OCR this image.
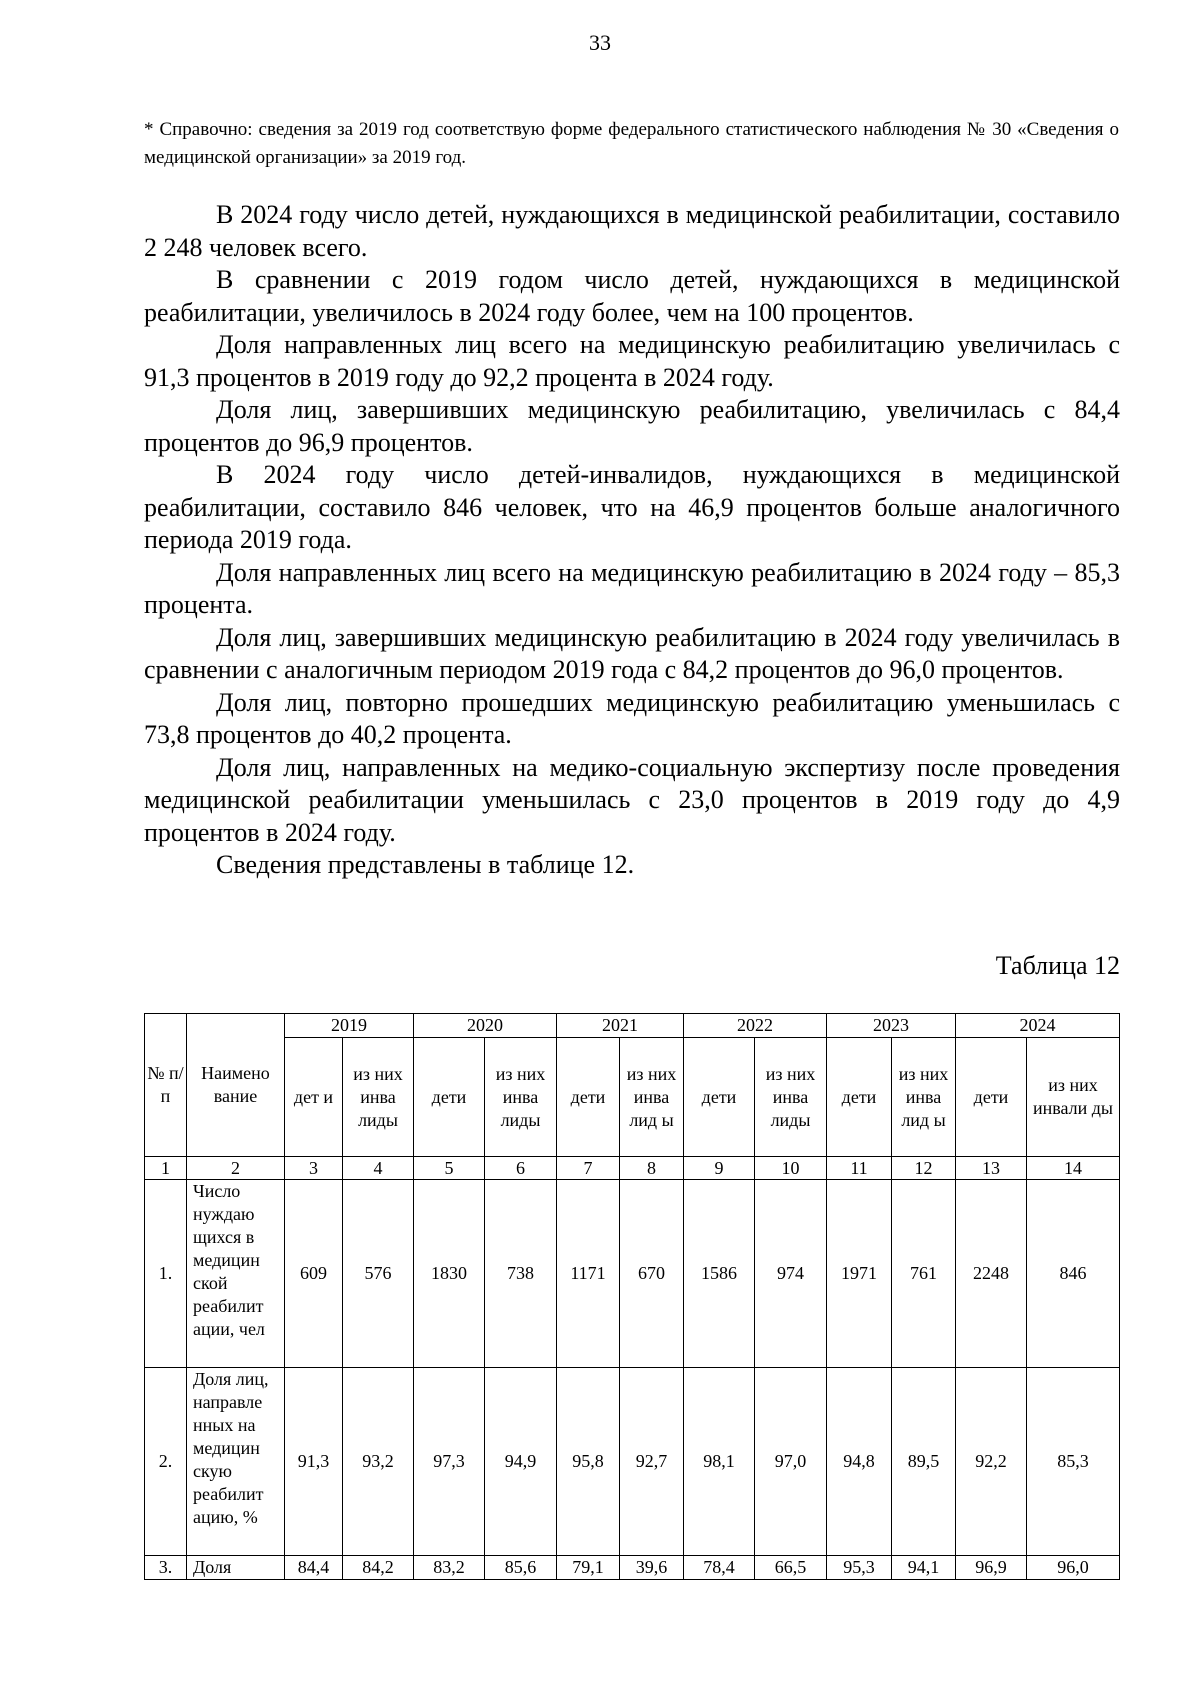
33
* Справочно: сведения за 2019 год соответствую форме федерального статистического наблюдения № 30 «Сведения о медицинской организации» за 2019 год.

В 2024 году число детей, нуждающихся в медицинской реабилитации, составило 2 248 человек всего.

В сравнении с 2019 годом число детей, нуждающихся в медицинской реабилитации, увеличилось в 2024 году более, чем на 100 процентов.

Доля направленных лиц всего на медицинскую реабилитацию увеличилась с 91,3 процентов в 2019 году до 92,2 процента в 2024 году.

Доля лиц, завершивших медицинскую реабилитацию, увеличилась с 84,4 процентов до 96,9 процентов.

В 2024 году число детей-инвалидов, нуждающихся в медицинской реабилитации, составило 846 человек, что на 46,9 процентов больше аналогичного периода 2019 года.

Доля направленных лиц всего на медицинскую реабилитацию в 2024 году – 85,3 процента.

Доля лиц, завершивших медицинскую реабилитацию в 2024 году увеличилась в сравнении с аналогичным периодом 2019 года с 84,2 процентов до 96,0 процентов.

Доля лиц, повторно прошедших медицинскую реабилитацию уменьшилась с 73,8 процентов до 40,2 процента.

Доля лиц, направленных на медико-социальную экспертизу после проведения медицинской реабилитации уменьшилась с 23,0 процентов в 2019 году до 4,9 процентов в 2024 году.

Сведения представлены в таблице 12.

Таблица 12
№ п/ п	Наимено вание	2019		2020		2021		2022		2023		2024	
		дет и	из них инва лиды	дети	из них инва лиды	дети	из них инва лид ы	дети	из них инва лиды	дети	из них инва лид ы	дети	из них инвали ды
1	2	3	4	5	6	7	8	9	10	11	12	13	14
1.	Число нуждаю щихся в медицин ской реабилит ации, чел	609	576	1830	738	1171	670	1586	974	1971	761	2248	846
2.	Доля лиц, направле нных на медицин скую реабилит ацию, %	91,3	93,2	97,3	94,9	95,8	92,7	98,1	97,0	94,8	89,5	92,2	85,3
3.	Доля	84,4	84,2	83,2	85,6	79,1	39,6	78,4	66,5	95,3	94,1	96,9	96,0
